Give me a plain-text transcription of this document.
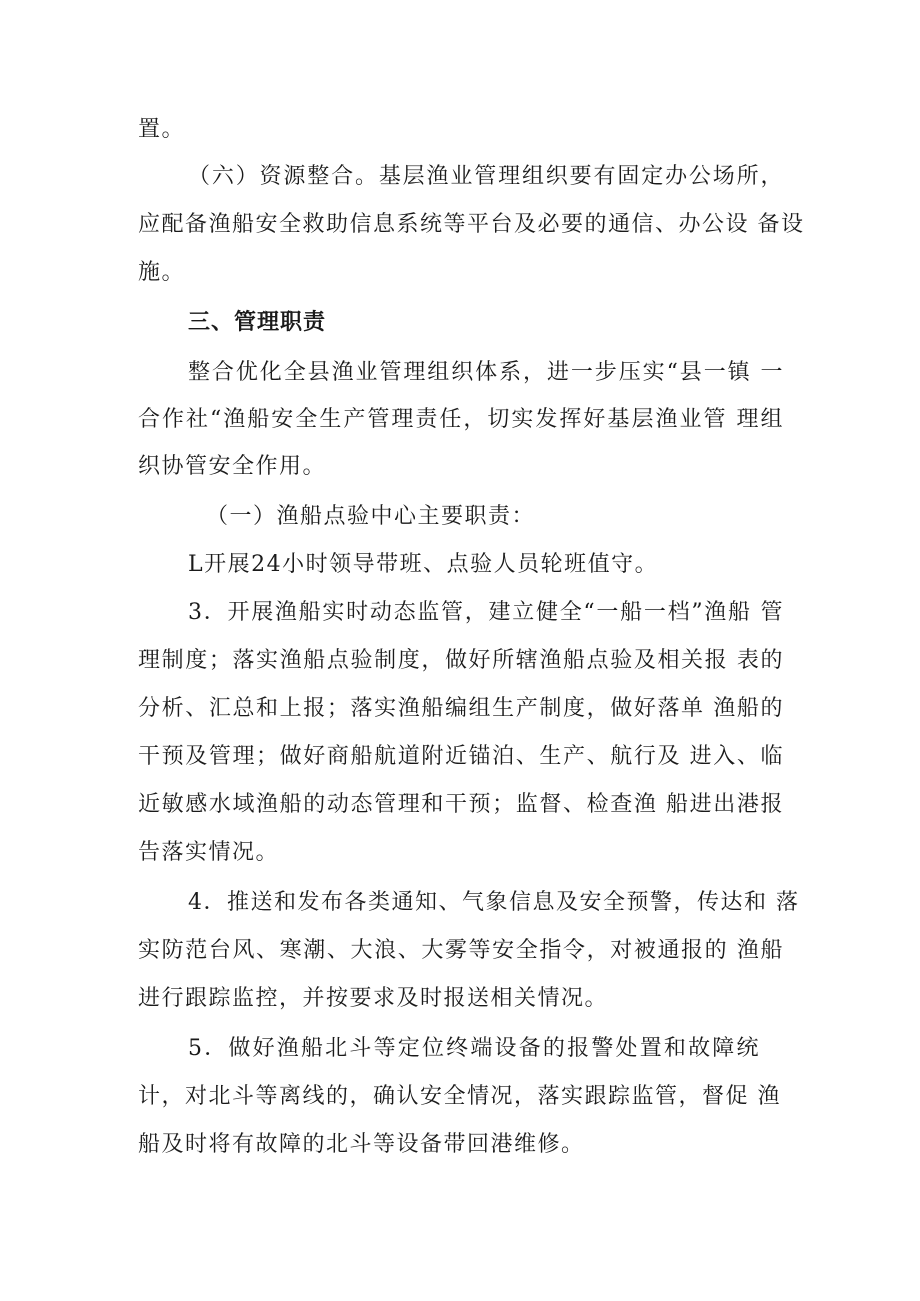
置。
（六）资源整合。基层渔业管理组织要有固定办公场所，
应配备渔船安全救助信息系统等平台及必要的通信、办公设 备设
施。
三、管理职责
整合优化全县渔业管理组织体系，进一步压实“县一镇 一
合作社“渔船安全生产管理责任，切实发挥好基层渔业管 理组
织协管安全作用。
（一）渔船点验中心主要职责：
L开展24小时领导带班、点验人员轮班值守。
3．开展渔船实时动态监管，建立健全“一船一档”渔船 管
理制度；落实渔船点验制度，做好所辖渔船点验及相关报 表的
分析、汇总和上报；落实渔船编组生产制度，做好落单 渔船的
干预及管理；做好商船航道附近锚泊、生产、航行及 进入、临
近敏感水域渔船的动态管理和干预；监督、检查渔 船进出港报
告落实情况。
4．推送和发布各类通知、气象信息及安全预警，传达和 落
实防范台风、寒潮、大浪、大雾等安全指令，对被通报的 渔船
进行跟踪监控，并按要求及时报送相关情况。
5．做好渔船北斗等定位终端设备的报警处置和故障统
计，对北斗等离线的，确认安全情况，落实跟踪监管，督促 渔
船及时将有故障的北斗等设备带回港维修。
